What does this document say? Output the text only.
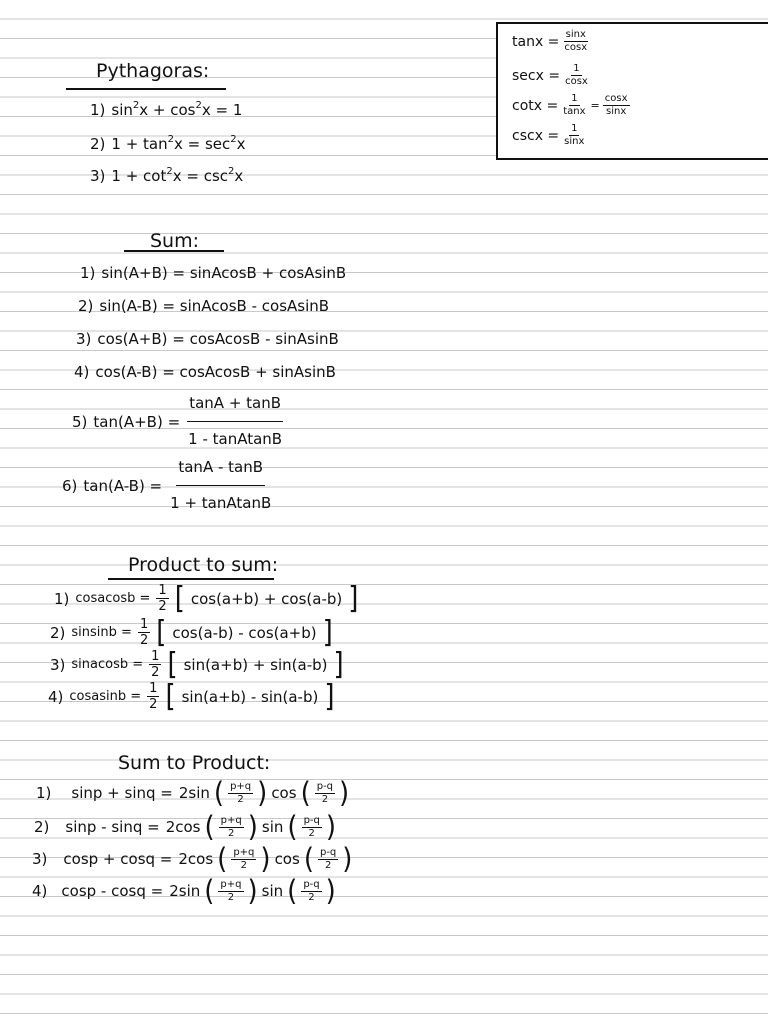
$\tan x = \frac{\sin x}{\cos x}$
$\sec x = \frac{1}{\cos x}$
$\cot x = \frac{1}{\tan x} = \frac{\cos x}{\sin x}$
$\csc x = \frac{1}{\sin x}$
Pythagoras:
1) $\sin^2x + \cos^2x = 1$
2) $1 + \tan^2x = \sec^2x$
3) $1 + \cot^2x = \csc^2x$
Sum:
1) sin(A+B) = sinAcosB + cosAsinB
2) sin(A-B) = sinAcosB - cosAsinB
3) cos(A+B) = cosAcosB - sinAsinB
4) cos(A-B) = cosAcosB + sinAsinB
5) $\tan(A+B) = \frac{\tan A + \tan B}{\text{1 - tanAtanB}}$
6) $\tan(A-B) = \frac{\tan A - \tan B}{\text{1 + tanAtanB}}$
Product to sum:
1) cosacosb = $\frac{1}{2}$ [ cos(a+b) + cos(a-b) ]
2) $sinsinb = \frac{1}{2}$ [ cos(a-b) - cos(a+b) ]
3) sinacosb = $\frac{1}{2}$ [ sin(a+b) + sin(a-b) ]
4) cosasinb = $\frac{1}{2}$ [ sin(a+b) - sin(a-b) ]
Sum to Product:
1) sinp + sinq = 2sin ( $\frac{p+q}{2}$ ) cos ( $\frac{p-q}{2}$ )
2) sinp - sinq = 2cos ( $\frac{p+q}{2}$ ) sin ( $\frac{p-q}{2}$ )
3) cosp + cosq = 2cos ( $\frac{p+q}{2}$ ) cos ( $\frac{p-q}{2}$ )
4) cosp - cosq = 2sin ( $\frac{p+q}{2}$ ) sin ( $\frac{p-q}{2}$ )
